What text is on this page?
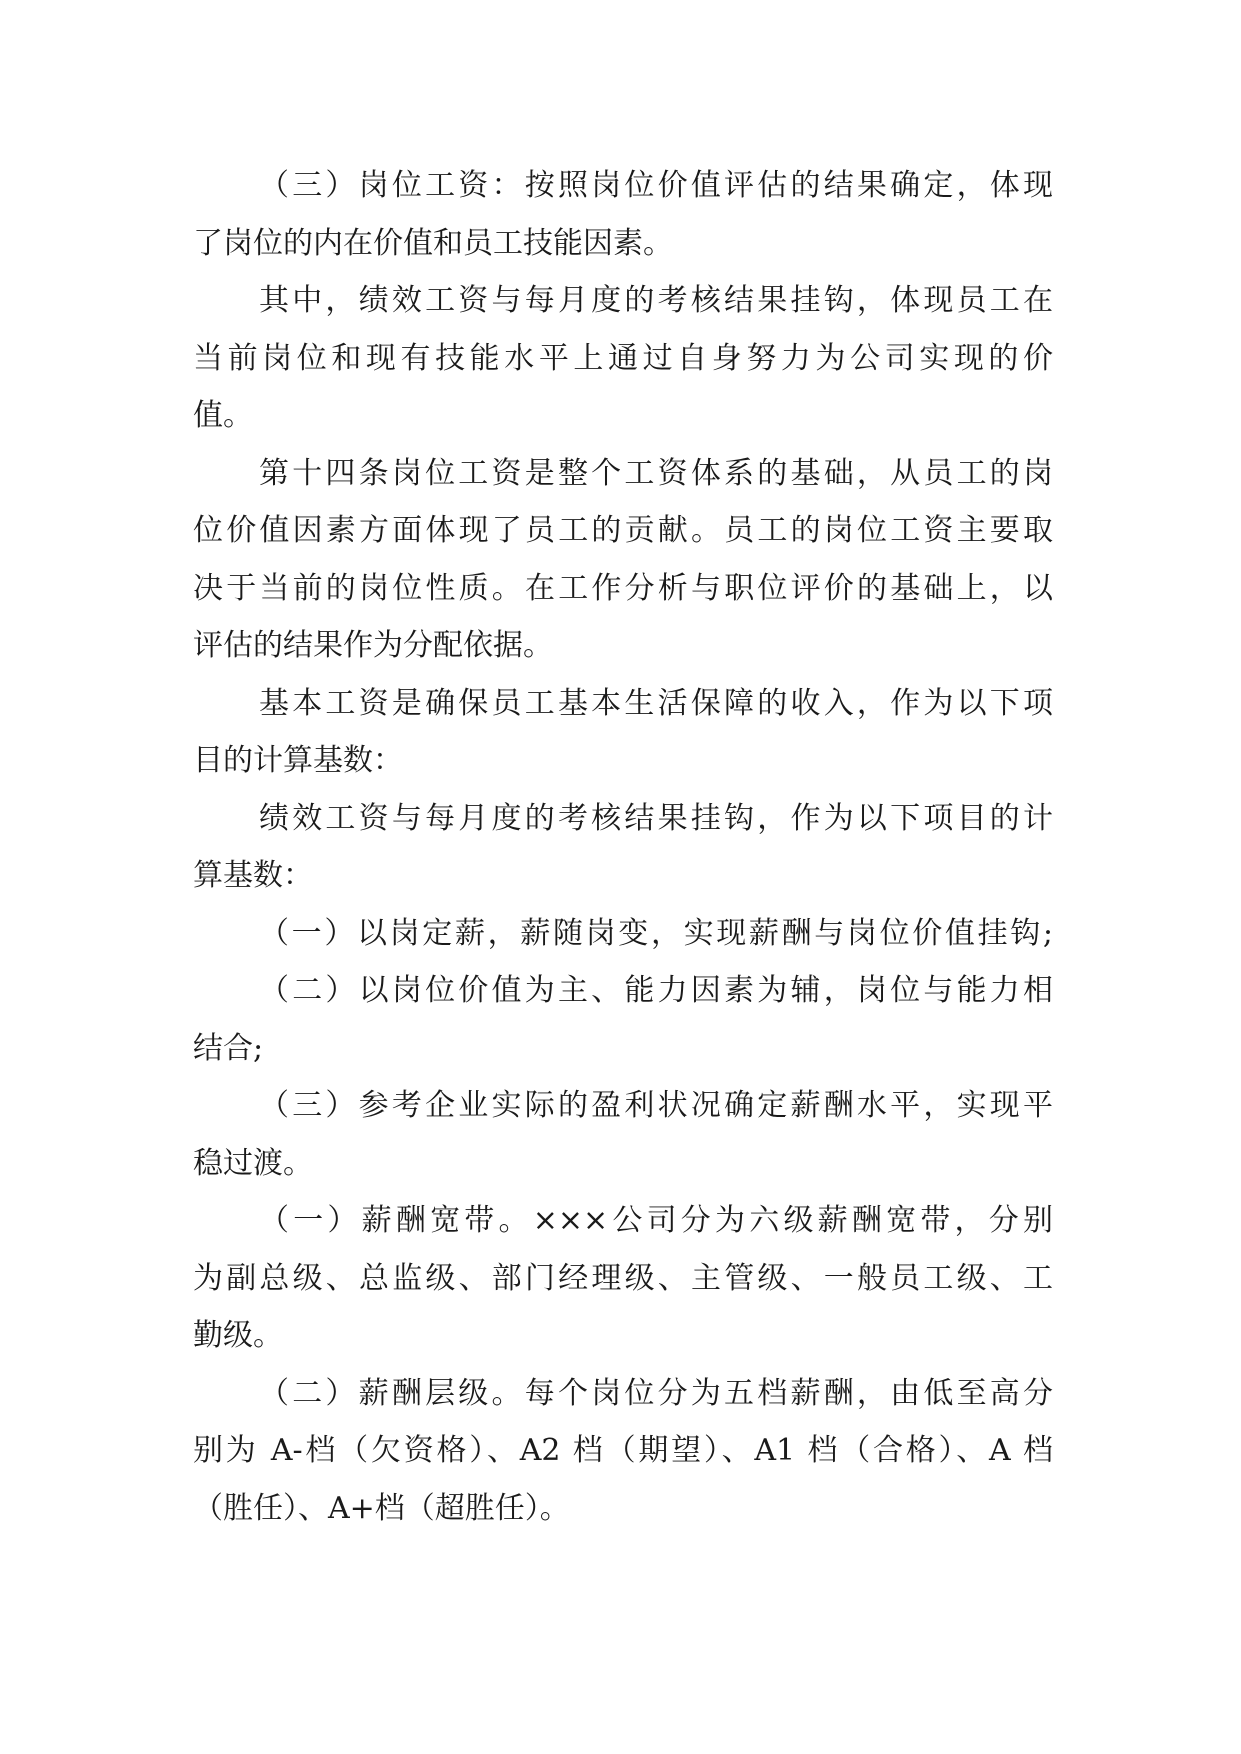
（三）岗位工资：按照岗位价值评估的结果确定，体现
了岗位的内在价值和员工技能因素。
其中，绩效工资与每月度的考核结果挂钩，体现员工在
当前岗位和现有技能水平上通过自身努力为公司实现的价
值。
第十四条岗位工资是整个工资体系的基础，从员工的岗
位价值因素方面体现了员工的贡献。员工的岗位工资主要取
决于当前的岗位性质。在工作分析与职位评价的基础上，以
评估的结果作为分配依据。
基本工资是确保员工基本生活保障的收入，作为以下项
目的计算基数：
绩效工资与每月度的考核结果挂钩，作为以下项目的计
算基数：
（一）以岗定薪，薪随岗变，实现薪酬与岗位价值挂钩;
（二）以岗位价值为主、能力因素为辅，岗位与能力相
结合;
（三）参考企业实际的盈利状况确定薪酬水平，实现平
稳过渡。
（一）薪酬宽带。×××公司分为六级薪酬宽带，分别
为副总级、总监级、部门经理级、主管级、一般员工级、工
勤级。
（二）薪酬层级。每个岗位分为五档薪酬，由低至高分
别为 A-档（欠资格）、A2 档（期望）、A1 档（合格）、A 档
（胜任）、A+档（超胜任）。
